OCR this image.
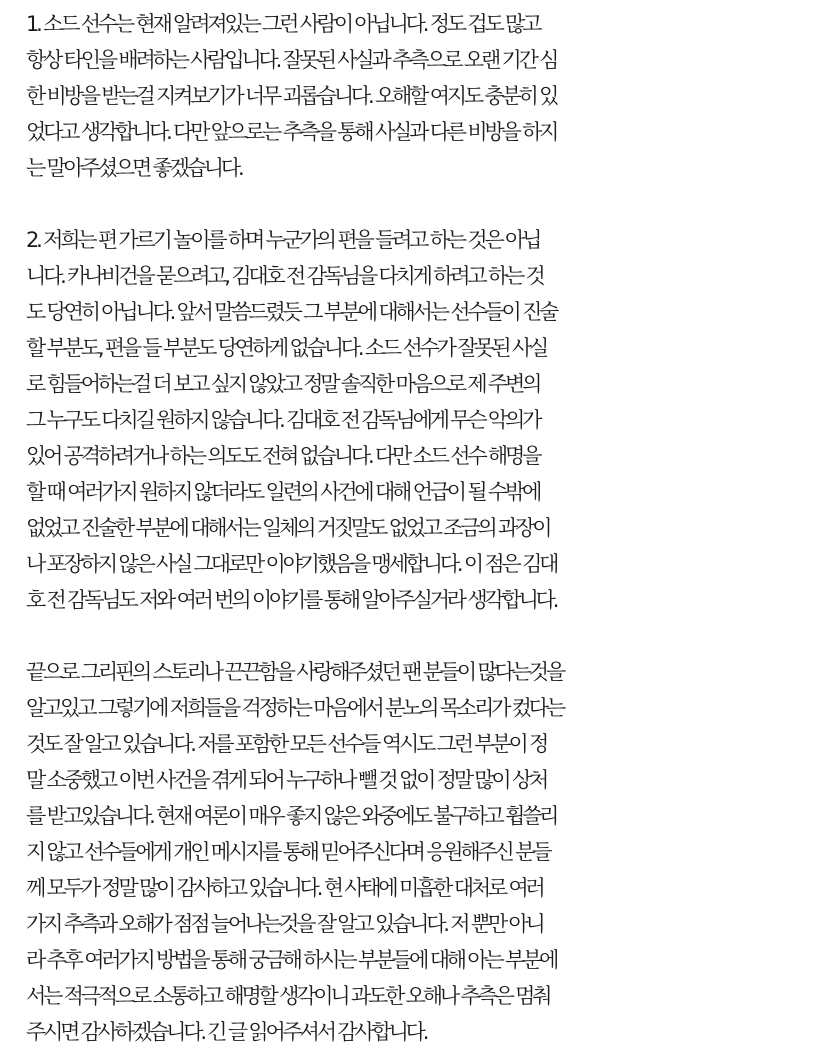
1. 소드 선수는 현재 알려져있는 그런 사람이 아닙니다. 정도 겁도 많고
항상 타인을 배려하는 사람입니다. 잘못된 사실과 추측으로 오랜 기간 심
한 비방을 받는걸 지켜보기가 너무 괴롭습니다. 오해할 여지도 충분히 있
었다고 생각합니다. 다만 앞으로는 추측을 통해 사실과 다른 비방을 하지
는 말아주셨으면 좋겠습니다.
2. 저희는 편 가르기 놀이를 하며 누군가의 편을 들려고 하는 것은 아닙
니다. 카나비건을 묻으려고, 김대호 전 감독님을 다치게 하려고 하는 것
도 당연히 아닙니다. 앞서 말씀드렸듯 그 부분에 대해서는 선수들이 진술
할 부분도, 편을 들 부분도 당연하게 없습니다. 소드 선수가 잘못된 사실
로 힘들어하는걸 더 보고 싶지 않았고 정말 솔직한 마음으로 제 주변의
그 누구도 다치길 원하지 않습니다. 김대호 전 감독님에게 무슨 악의가
있어 공격하려거나 하는 의도도 전혀 없습니다. 다만 소드 선수 해명을
할 때 여러가지 원하지 않더라도 일련의 사건에 대해 언급이 될 수밖에
없었고 진술한 부분에 대해서는 일체의 거짓말도 없었고 조금의 과장이
나 포장하지 않은 사실 그대로만 이야기했음을 맹세합니다. 이 점은 김대
호 전 감독님도 저와 여러 번의 이야기를 통해 알아주실거라 생각합니다.
끝으로 그리핀의 스토리나 끈끈함을 사랑해주셨던 팬 분들이 많다는것을
알고있고 그렇기에 저희들을 걱정하는 마음에서 분노의 목소리가 컸다는
것도 잘 알고 있습니다. 저를 포함한 모든 선수들 역시도 그런 부분이 정
말 소중했고 이번 사건을 겪게 되어 누구하나 뺄 것 없이 정말 많이 상처
를 받고있습니다. 현재 여론이 매우 좋지 않은 와중에도 불구하고 휩쓸리
지 않고 선수들에게 개인 메시지를 통해 믿어주신다며 응원해주신 분들
께 모두가 정말 많이 감사하고 있습니다. 현 사태에 미흡한 대처로 여러
가지 추측과 오해가 점점 늘어나는것을 잘 알고 있습니다. 저 뿐만 아니
라 추후 여러가지 방법을 통해 궁금해 하시는 부분들에 대해 아는 부분에
서는 적극적으로 소통하고 해명할 생각이니 과도한 오해나 추측은 멈춰
주시면 감사하겠습니다. 긴 글 읽어주셔서 감사합니다.
